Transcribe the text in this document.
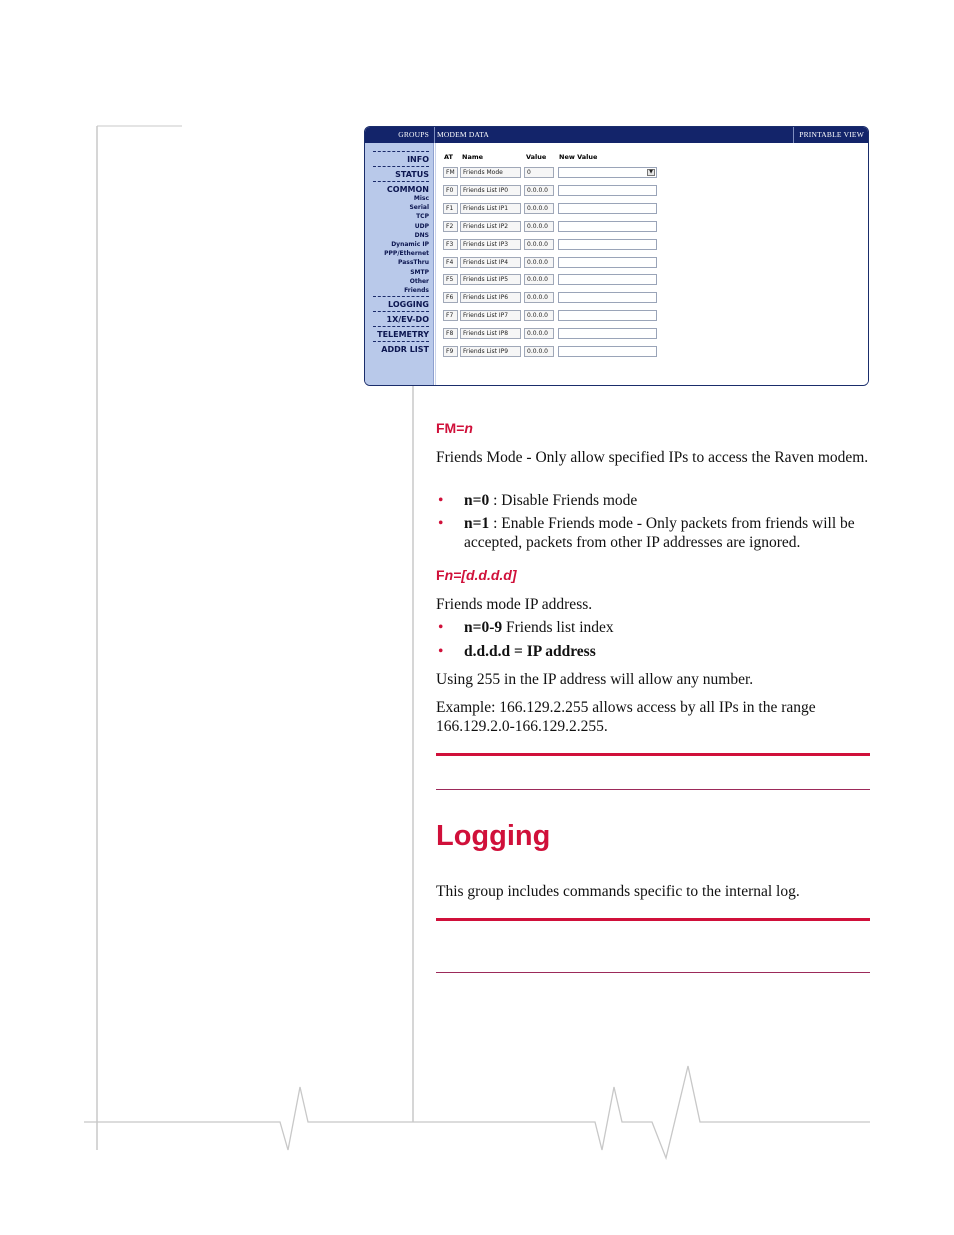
GROUPS	MODEM DATA	PRINTABLE VIEW
INFO
STATUS
COMMON
Misc
Serial
TCP
UDP
DNS
Dynamic IP
PPP/Ethernet
PassThru
SMTP
Other
Friends
LOGGING
1X/EV-DO
TELEMETRY
ADDR LIST
AT Name	Value New Value
FM	Friends Mode	0	▼
F0	Friends List IP0	0.0.0.0
F1	Friends List IP1	0.0.0.0
F2	Friends List IP2	0.0.0.0
F3	Friends List IP3	0.0.0.0
F4	Friends List IP4	0.0.0.0
F5	Friends List IP5	0.0.0.0
F6	Friends List IP6	0.0.0.0
F7	Friends List IP7	0.0.0.0
F8	Friends List IP8	0.0.0.0
F9	Friends List IP9	0.0.0.0
FM=n

Friends Mode - Only allow specified IPs to access the Raven modem.

• n=0 : Disable Friends mode
• n=1 : Enable Friends mode - Only packets from friends will be accepted, packets from other IP addresses are ignored.

Friends mode IP address.

• n=0-9 Friends list index
• d.d.d.d = IP address

Using 255 in the IP address will allow any number.

Example: 166.129.2.255 allows access by all IPs in the range 166.129.2.0-166.129.2.255.

This group includes commands specific to the internal log.

Fn=[d.d.d.d]
Logging
